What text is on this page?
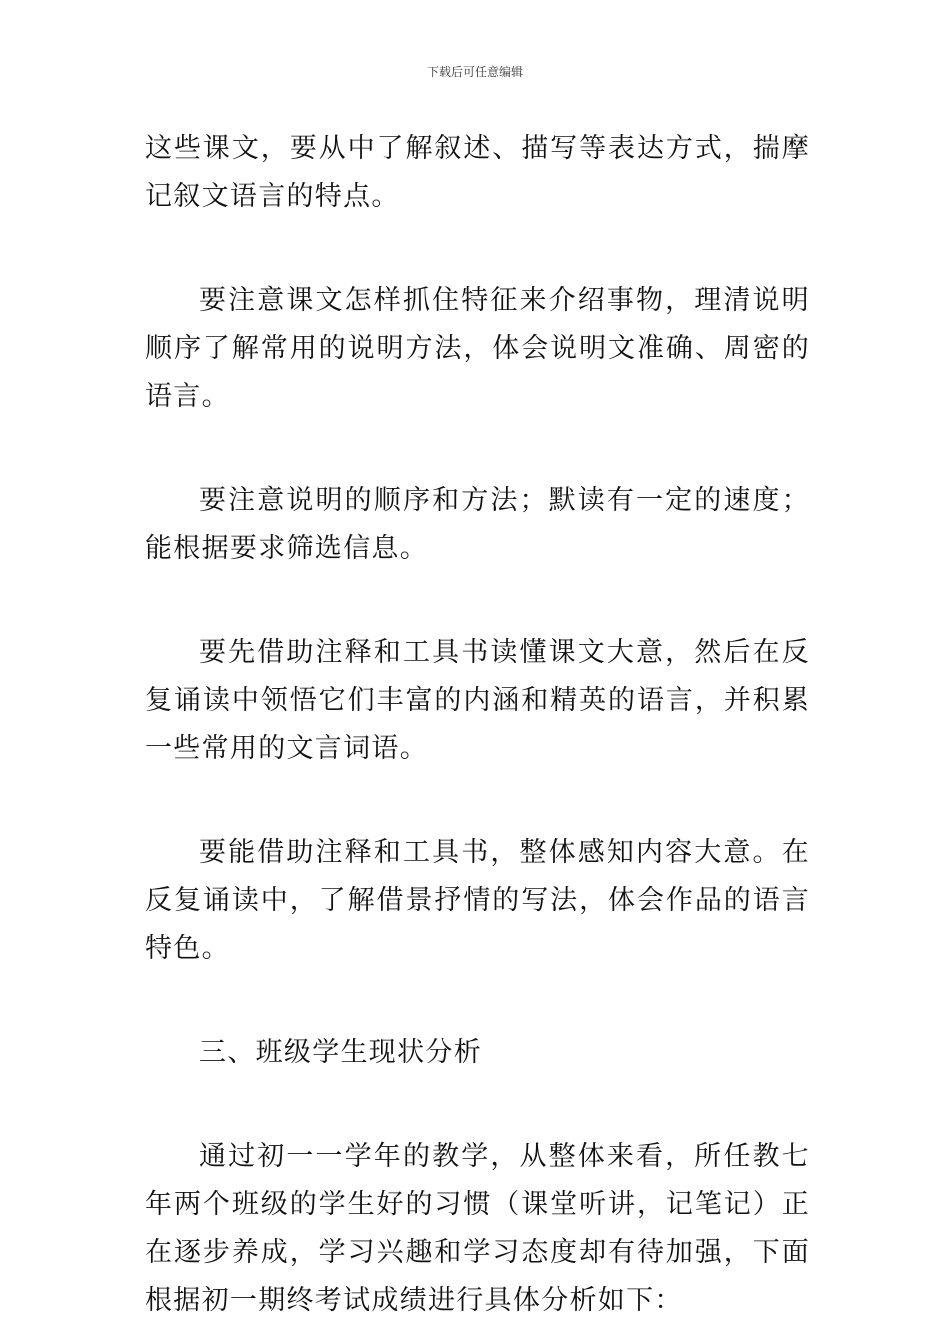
下载后可任意编辑

这些课文，要从中了解叙述、描写等表达方式，揣摩记叙文语言的特点。

要注意课文怎样抓住特征来介绍事物，理清说明顺序了解常用的说明方法，体会说明文准确、周密的语言。

要注意说明的顺序和方法；默读有一定的速度；能根据要求筛选信息。

要先借助注释和工具书读懂课文大意，然后在反复诵读中领悟它们丰富的内涵和精英的语言，并积累一些常用的文言词语。

要能借助注释和工具书，整体感知内容大意。在反复诵读中，了解借景抒情的写法，体会作品的语言特色。

三、班级学生现状分析

通过初一一学年的教学，从整体来看，所任教七年两个班级的学生好的习惯（课堂听讲，记笔记）正在逐步养成，学习兴趣和学习态度却有待加强，下面根据初一期终考试成绩进行具体分析如下：
